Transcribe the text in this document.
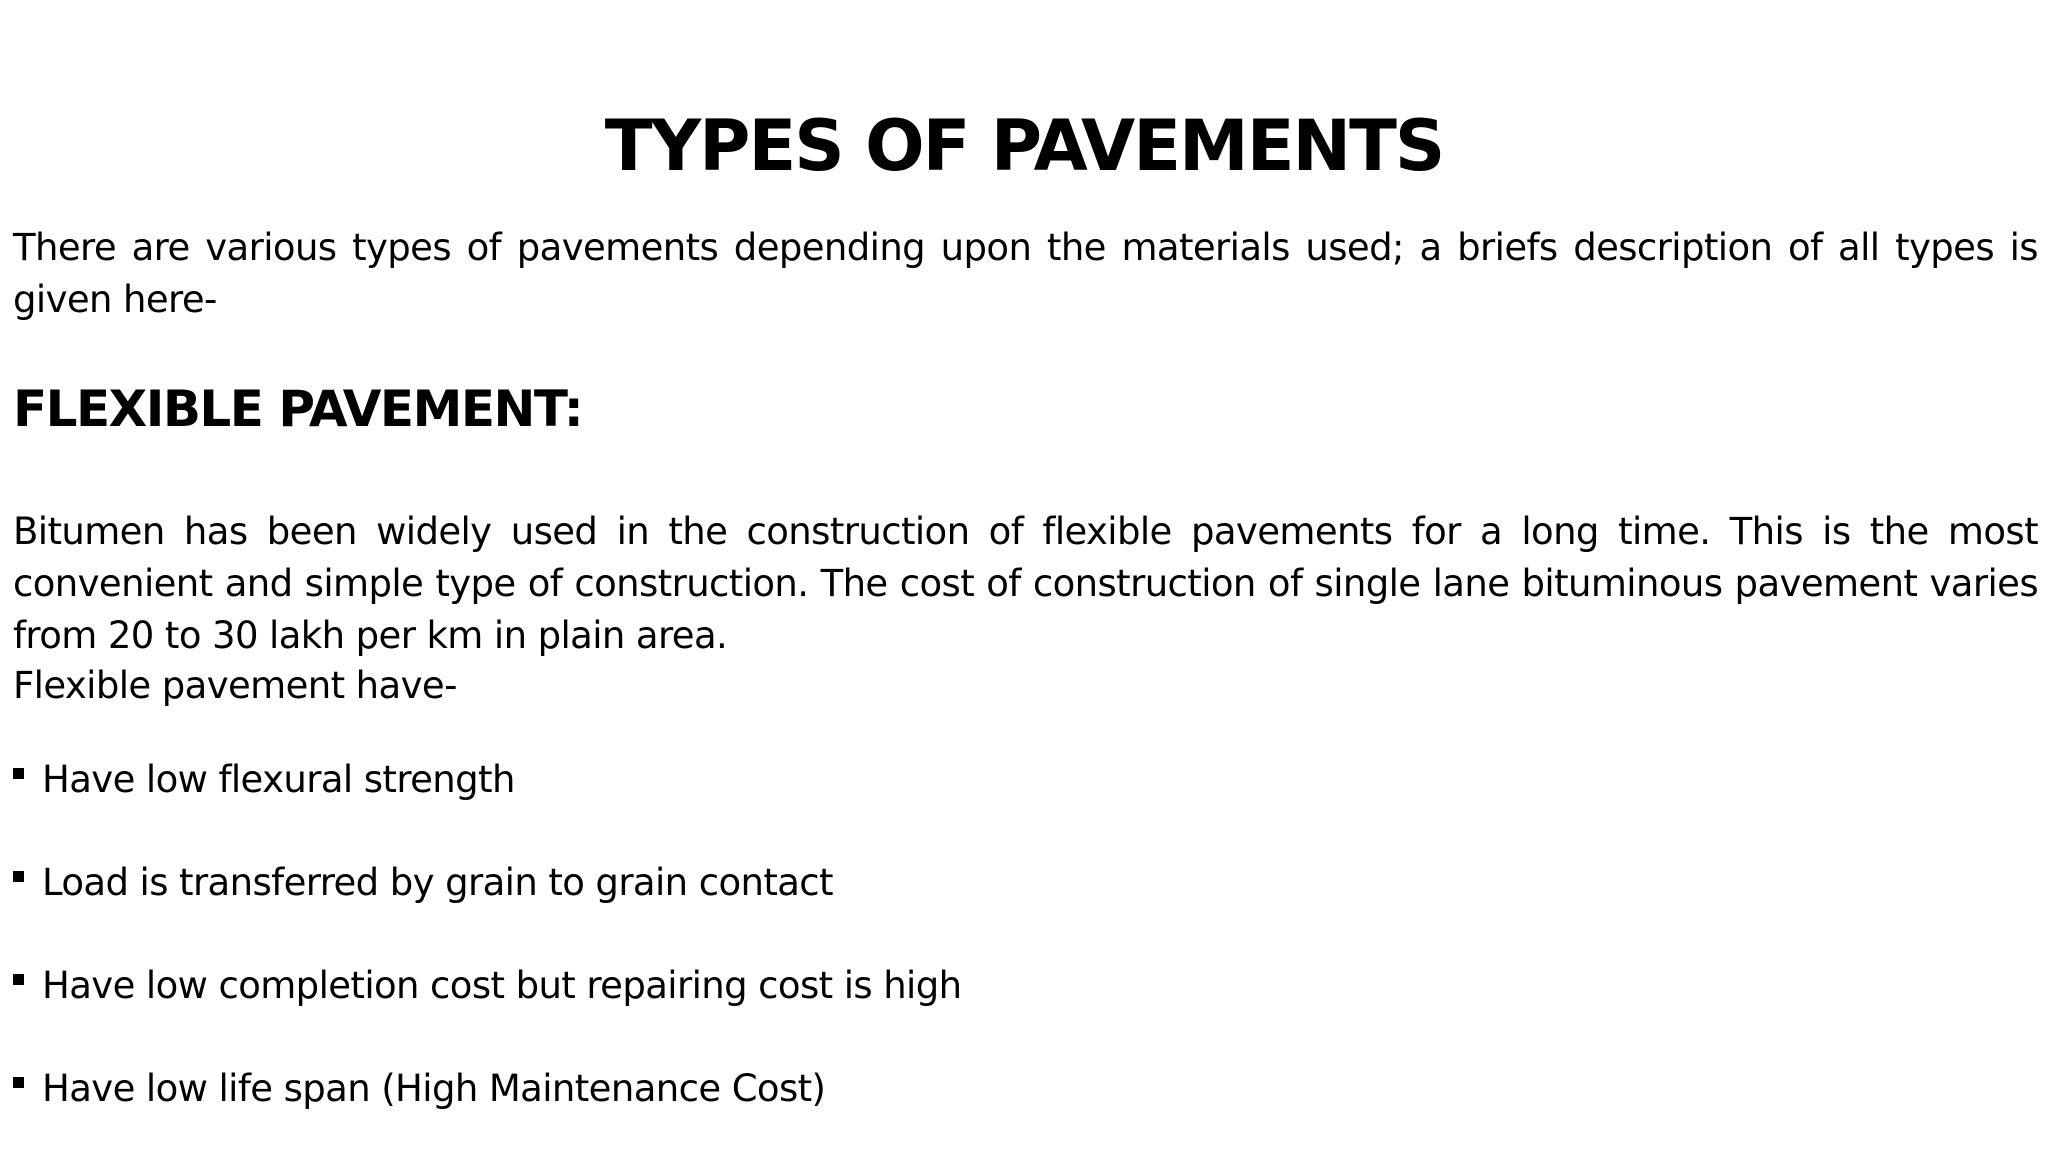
TYPES OF PAVEMENTS

There are various types of pavements depending upon the materials used; a briefs description of all types is given here-

FLEXIBLE PAVEMENT:

Bitumen has been widely used in the construction of flexible pavements for a long time. This is the most convenient and simple type of construction. The cost of construction of single lane bituminous pavement varies from 20 to 30 lakh per km in plain area.

Flexible pavement have-

Have low flexural strength
Load is transferred by grain to grain contact
Have low completion cost but repairing cost is high
Have low life span (High Maintenance Cost)
